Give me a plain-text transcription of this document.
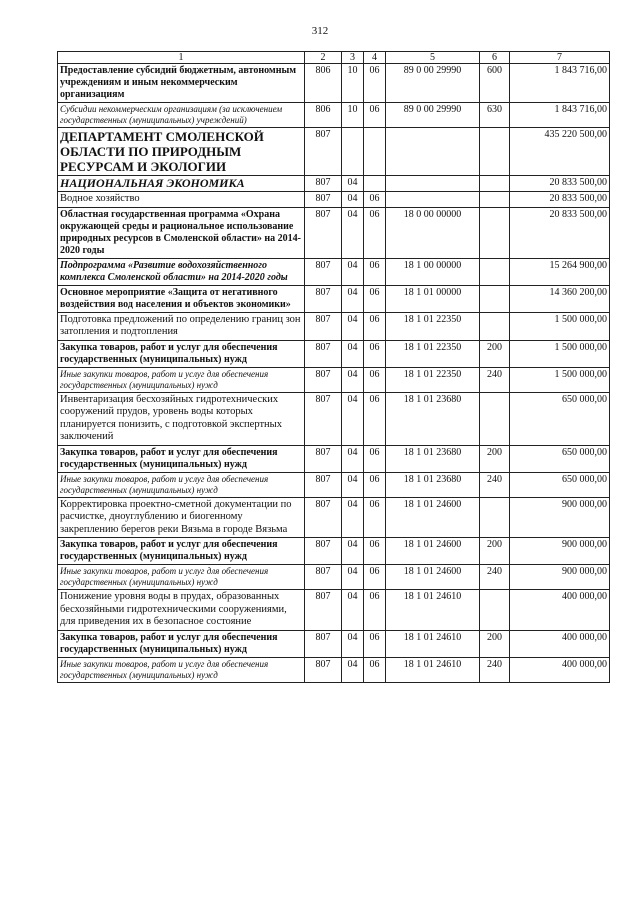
312
1	2	3	4	5	6	7
Предоставление субсидий бюджетным, автономным учреждениям и иным некоммерческим организациям	806	10	06	89 0 00 29990	600	1 843 716,00
Субсидии некоммерческим организациям (за исключением государственных (муниципальных) учреждений)	806	10	06	89 0 00 29990	630	1 843 716,00
ДЕПАРТАМЕНТ СМОЛЕНСКОЙ ОБЛАСТИ ПО ПРИРОДНЫМ РЕСУРСАМ И ЭКОЛОГИИ	807					435 220 500,00
НАЦИОНАЛЬНАЯ ЭКОНОМИКА	807	04				20 833 500,00
Водное хозяйство	807	04	06			20 833 500,00
Областная государственная программа «Охрана окружающей среды и рациональное использование природных ресурсов в Смоленской области» на 2014-2020 годы	807	04	06	18 0 00 00000		20 833 500,00
Подпрограмма «Развитие водохозяйственного комплекса Смоленской области» на 2014-2020 годы	807	04	06	18 1 00 00000		15 264 900,00
Основное мероприятие «Защита от негативного воздействия вод населения и объектов экономики»	807	04	06	18 1 01 00000		14 360 200,00
Подготовка предложений по определению границ зон затопления и подтопления	807	04	06	18 1 01 22350		1 500 000,00
Закупка товаров, работ и услуг для обеспечения государственных (муниципальных) нужд	807	04	06	18 1 01 22350	200	1 500 000,00
Иные закупки товаров, работ и услуг для обеспечения государственных (муниципальных) нужд	807	04	06	18 1 01 22350	240	1 500 000,00
Инвентаризация бесхозяйных гидротехнических сооружений прудов, уровень воды которых планируется понизить, с подготовкой экспертных заключений	807	04	06	18 1 01 23680		650 000,00
Закупка товаров, работ и услуг для обеспечения государственных (муниципальных) нужд	807	04	06	18 1 01 23680	200	650 000,00
Иные закупки товаров, работ и услуг для обеспечения государственных (муниципальных) нужд	807	04	06	18 1 01 23680	240	650 000,00
Корректировка проектно-сметной документации по расчистке, дноуглублению и биогенному закреплению берегов реки Вязьма в городе Вязьма	807	04	06	18 1 01 24600		900 000,00
Закупка товаров, работ и услуг для обеспечения государственных (муниципальных) нужд	807	04	06	18 1 01 24600	200	900 000,00
Иные закупки товаров, работ и услуг для обеспечения государственных (муниципальных) нужд	807	04	06	18 1 01 24600	240	900 000,00
Понижение уровня воды в прудах, образованных бесхозяйными гидротехническими сооружениями, для приведения их в безопасное состояние	807	04	06	18 1 01 24610		400 000,00
Закупка товаров, работ и услуг для обеспечения государственных (муниципальных) нужд	807	04	06	18 1 01 24610	200	400 000,00
Иные закупки товаров, работ и услуг для обеспечения государственных (муниципальных) нужд	807	04	06	18 1 01 24610	240	400 000,00
